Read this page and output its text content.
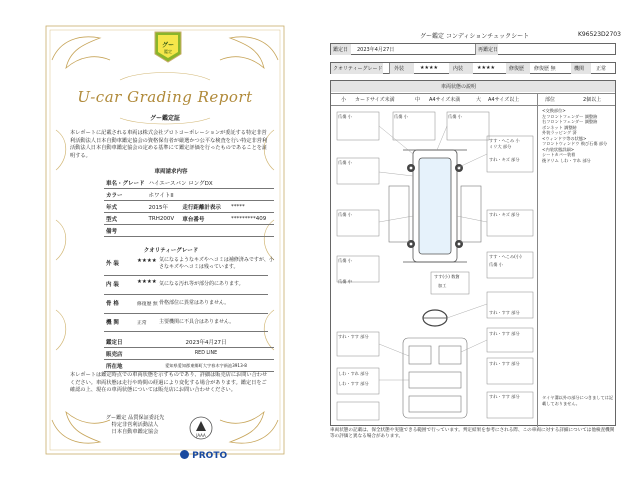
グー
鑑定
U-car Grading Report
グー鑑定証
本レポートに記載される車両は株式会社プロトコーポレーションが委託する特定非営利活動法人日本自動車鑑定協会の資格保有者が厳選かつ公平な検査を行い特定非営利活動法人日本自動車鑑定協会の定める基準にて鑑定評価を行ったものであることを証明する。
車両請求内容
車名・グレード	ハイエースバン ロングDX		
カラー	ホワイトII		
年式	2015年	走行距離計表示	*****
型式	TRH200V	車台番号	*********409
備考			
クオリティーグレード
外 装	★★★★ 気になるようなキズやヘコミは補修済みですが、小さなキズやヘコミは残っています。
内 装	★★★★ 気になる汚れ等が部分的にあります。
骨 格	修復歴 無 骨格部位に異常はありません。
機 関	正常 主要機関に不具合はありません。
鑑定日	2023年4月27日
販売店	RED LINE
所在地	愛知県愛知郡東郷町大字春木字新池3913-8
本レポートは鑑定時点での車両状態を示すものであり、詳細は販売店にお問い合わせください。車両状態は走行や時間の経過により変化する場合があります。鑑定日をご確認の上、現在の車両状態については販売店にお問い合わせください。
グー鑑定 品質保証委託先
特定非営利活動法人
日本自動車鑑定協会
JAAA
PROTO
グー鑑定 コンディションチェックシート	K96523D2703
鑑定日	2023年4月27日	再鑑定日
クオリティーグレード	外装	★★★★	内装	★★★★	修復歴	修復歴 無	機関	正常
車両状態の説明
小 カードサイズ未満	中 A4サイズ未満	大 A4サイズ以上	部位	2個以上
<交換部位>
左フロントフェンダー 調整跡
右フロントフェンダー 調整跡
ボンネット 調整跡
外装ラッピング 済
<ウィンドウ等の状態>
フロントウィンドウ 飛び石傷 部分
<内装状態詳細>
シートカバー装着
後ドリム しわ・すれ 部分
爪傷 小	爪傷 小	爪傷 小
すす・へこみ 小
ミリ大 部分
すれ・キズ 部分
爪傷 小
爪傷 小	すれ・キズ 部分
爪傷 小
すす・へこみ(小)
すす(小) 数箇
加工
すれ・すす 部分
すれ・すす 部分
すれ・すす 部分
すれ・すす 部分
しわ・すれ 部分
しわ・すす 部分
すれ・すす 部分
爪傷 小
爪傷 中
タイヤ溝以外の部分につきましては記載しておりません。
車両状態の記載は、保全状態や実施できる範囲で行っています。判定結果を参考にされる際、この車両に対する詳細については他検査機関等の評価と異なる場合があります。
